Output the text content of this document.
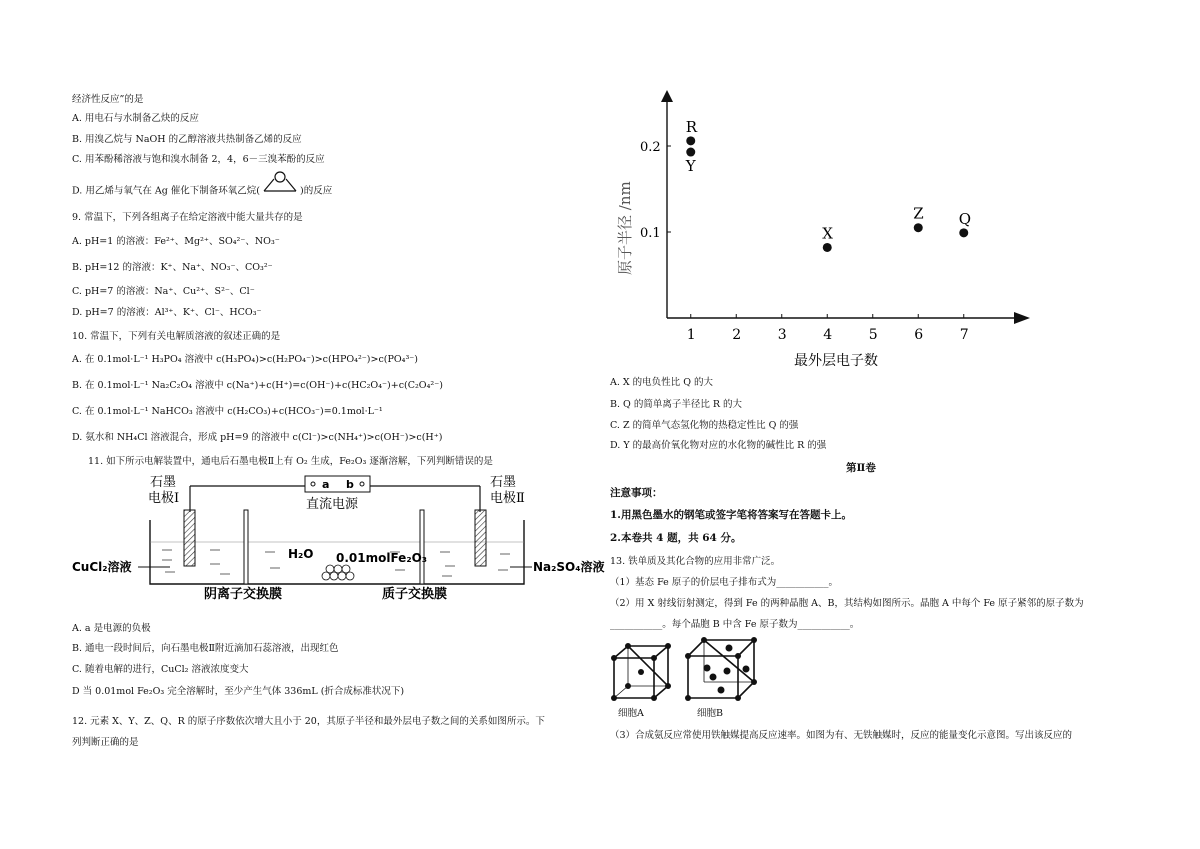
经济性反应”的是
A. 用电石与水制备乙炔的反应
B. 用溴乙烷与 NaOH 的乙醇溶液共热制备乙烯的反应
C. 用苯酚稀溶液与饱和溴水制备 2，4，6－三溴苯酚的反应
D. 用乙烯与氧气在 Ag 催化下制备环氧乙烷(	)的反应
9. 常温下，下列各组离子在给定溶液中能大量共存的是
A. pH=1 的溶液：Fe²⁺、Mg²⁺、SO₄²⁻、NO₃⁻
B. pH=12 的溶液：K⁺、Na⁺、NO₃⁻、CO₃²⁻
C. pH=7 的溶液：Na⁺、Cu²⁺、S²⁻、Cl⁻
D. pH=7 的溶液：Al³⁺、K⁺、Cl⁻、HCO₃⁻
10. 常温下，下列有关电解质溶液的叙述正确的是
A. 在 0.1mol·L⁻¹ H₃PO₄ 溶液中 c(H₃PO₄)>c(H₂PO₄⁻)>c(HPO₄²⁻)>c(PO₄³⁻)
B. 在 0.1mol·L⁻¹ Na₂C₂O₄ 溶液中 c(Na⁺)+c(H⁺)=c(OH⁻)+c(HC₂O₄⁻)+c(C₂O₄²⁻)
C. 在 0.1mol·L⁻¹ NaHCO₃ 溶液中 c(H₂CO₃)+c(HCO₃⁻)=0.1mol·L⁻¹
D. 氨水和 NH₄Cl 溶液混合，形成 pH=9 的溶液中 c(Cl⁻)>c(NH₄⁺)>c(OH⁻)>c(H⁺)
11. 如下所示电解装置中，通电后石墨电极Ⅱ上有 O₂ 生成，Fe₂O₃ 逐渐溶解，下列判断错误的是
a b
直流电源
石墨
电极Ⅰ
石墨
电极Ⅱ
H₂O 0.01molFe₂O₃
CuCl₂溶液	Na₂SO₄溶液
阴离子交换膜	质子交换膜
A. a 是电源的负极
B. 通电一段时间后，向石墨电极Ⅱ附近滴加石蕊溶液，出现红色
C. 随着电解的进行，CuCl₂ 溶液浓度变大
D 当 0.01mol Fe₂O₃ 完全溶解时，至少产生气体 336mL (折合成标准状况下)
12. 元素 X、Y、Z、Q、R 的原子序数依次增大且小于 20，其原子半径和最外层电子数之间的关系如图所示。下
列判断正确的是
原子半径 /nm
最外层电子数
1	2	3	4	5	6	7
0.1
0.2
R
Y
X
Z Q
A. X 的电负性比 Q 的大
B. Q 的简单离子半径比 R 的大
C. Z 的简单气态氢化物的热稳定性比 Q 的强
D. Y 的最高价氧化物对应的水化物的碱性比 R 的强
第Ⅱ卷
注意事项：
1.用黑色墨水的钢笔或签字笔将答案写在答题卡上。
2.本卷共 4 题，共 64 分。
13. 铁单质及其化合物的应用非常广泛。
（1）基态 Fe 原子的价层电子排布式为___________。
（2）用 X 射线衍射测定，得到 Fe 的两种晶胞 A、B，其结构如图所示。晶胞 A 中每个 Fe 原子紧邻的原子数为
___________。每个晶胞 B 中含 Fe 原子数为___________。
细胞A	细胞B
（3）合成氨反应常使用铁触媒提高反应速率。如图为有、无铁触媒时，反应的能量变化示意图。写出该反应的
